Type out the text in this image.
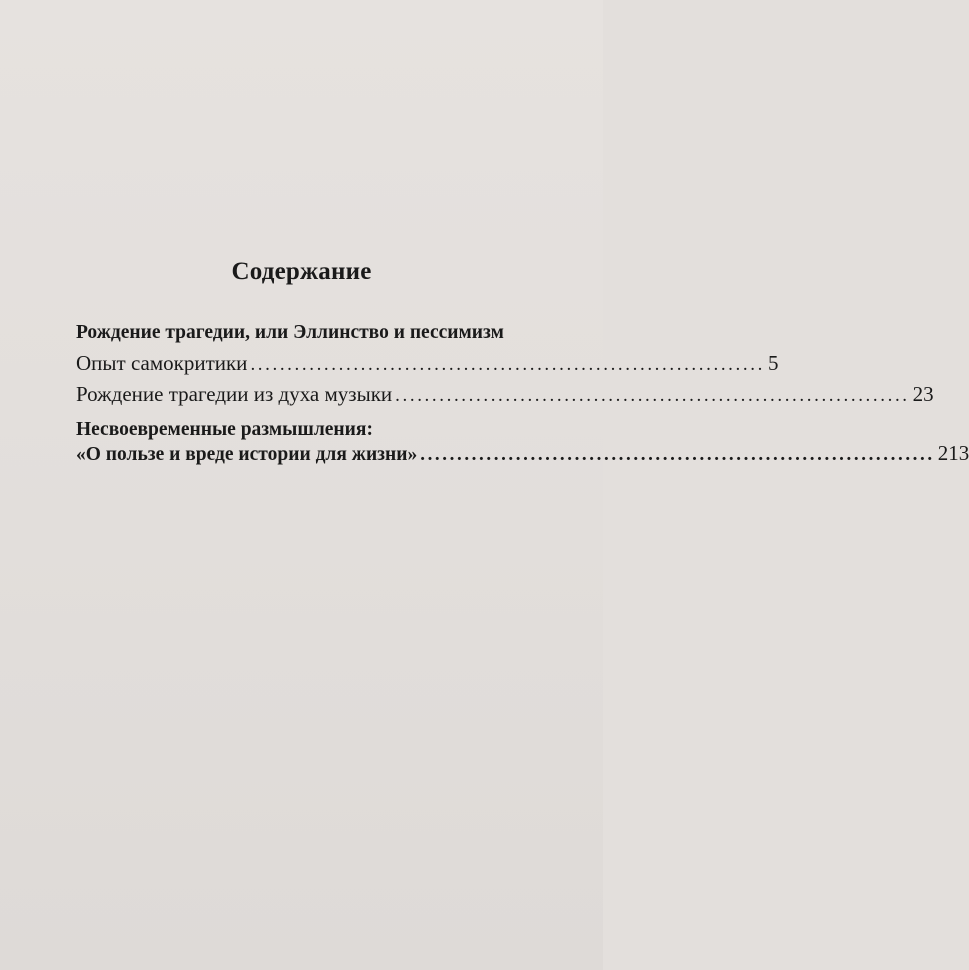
Содержание
Рождение трагедии, или Эллинство и пессимизм
Опыт самокритики ...................................................................... 5
Рождение трагедии из духа музыки ...................................................................... 23
Несвоевременные размышления:
«О пользе и вреде истории для жизни» ...................................................................... 213
